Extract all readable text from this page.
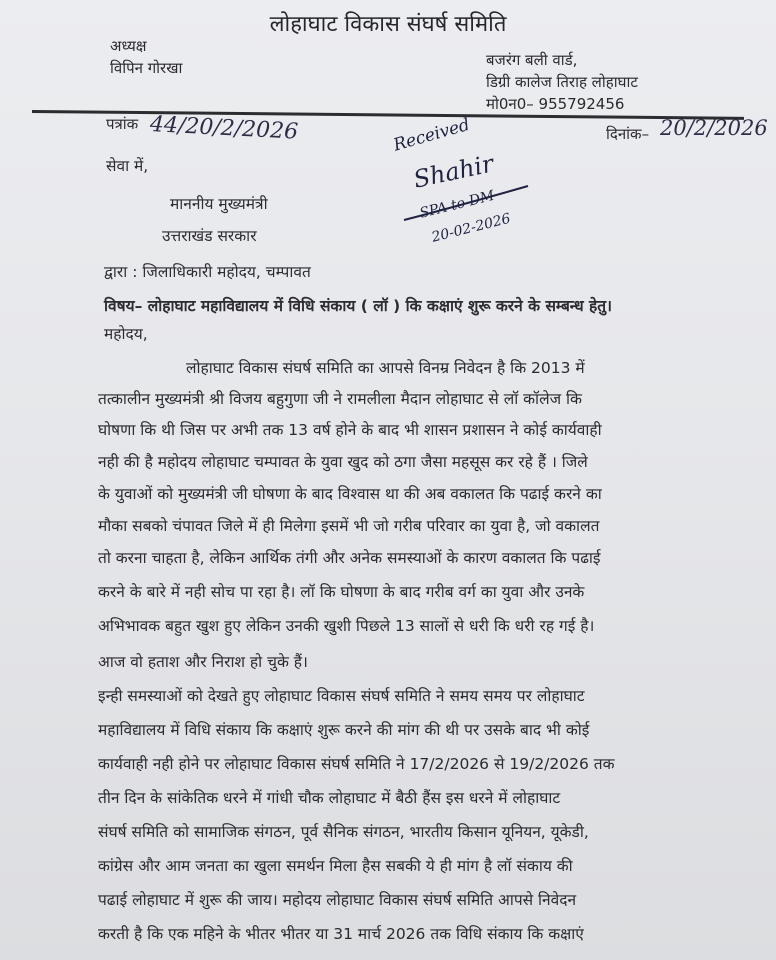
लोहाघाट विकास संघर्ष समिति
अध्यक्ष
विपिन गोरखा	बजरंग बली वार्ड,
डिग्री कालेज तिराह लोहाघाट
मो0न0– 955792456
पत्रांक 44/20/2/2026	दिनांक– 20/2/2026
Received
Shahir
SPA to DM
20-02-2026
सेवा में,
माननीय मुख्यमंत्री
उत्तराखंड सरकार
द्वारा : जिलाधिकारी महोदय, चम्पावत
विषय– लोहाघाट महाविद्यालय में विधि संकाय ( लॉ ) कि कक्षाएं शुरू करने के सम्बन्ध हेतु।
महोदय,
लोहाघाट विकास संघर्ष समिति का आपसे विनम्र निवेदन है कि 2013 में
तत्कालीन मुख्यमंत्री श्री विजय बहुगुणा जी ने रामलीला मैदान लोहाघाट से लॉ कॉलेज कि
घोषणा कि थी जिस पर अभी तक 13 वर्ष होने के बाद भी शासन प्रशासन ने कोई कार्यवाही
नही की है महोदय लोहाघाट चम्पावत के युवा खुद को ठगा जैसा महसूस कर रहे हैं । जिले
के युवाओं को मुख्यमंत्री जी घोषणा के बाद विश्वास था की अब वकालत कि पढाई करने का
मौका सबको चंपावत जिले में ही मिलेगा इसमें भी जो गरीब परिवार का युवा है, जो वकालत
तो करना चाहता है, लेकिन आर्थिक तंगी और अनेक समस्याओं के कारण वकालत कि पढाई
करने के बारे में नही सोच पा रहा है। लॉ कि घोषणा के बाद गरीब वर्ग का युवा और उनके
अभिभावक बहुत खुश हुए लेकिन उनकी खुशी पिछले 13 सालों से धरी कि धरी रह गई है।
आज वो हताश और निराश हो चुके हैं।
इन्ही समस्याओं को देखते हुए लोहाघाट विकास संघर्ष समिति ने समय समय पर लोहाघाट
महाविद्यालय में विधि संकाय कि कक्षाएं शुरू करने की मांग की थी पर उसके बाद भी कोई
कार्यवाही नही होने पर लोहाघाट विकास संघर्ष समिति ने 17/2/2026 से 19/2/2026 तक
तीन दिन के सांकेतिक धरने में गांधी चौक लोहाघाट में बैठी हैंस इस धरने में लोहाघाट
संघर्ष समिति को सामाजिक संगठन, पूर्व सैनिक संगठन, भारतीय किसान यूनियन, यूकेडी,
कांग्रेस और आम जनता का खुला समर्थन मिला हैस सबकी ये ही मांग है लॉ संकाय की
पढाई लोहाघाट में शुरू की जाय। महोदय लोहाघाट विकास संघर्ष समिति आपसे निवेदन
करती है कि एक महिने के भीतर भीतर या 31 मार्च 2026 तक विधि संकाय कि कक्षाएं
